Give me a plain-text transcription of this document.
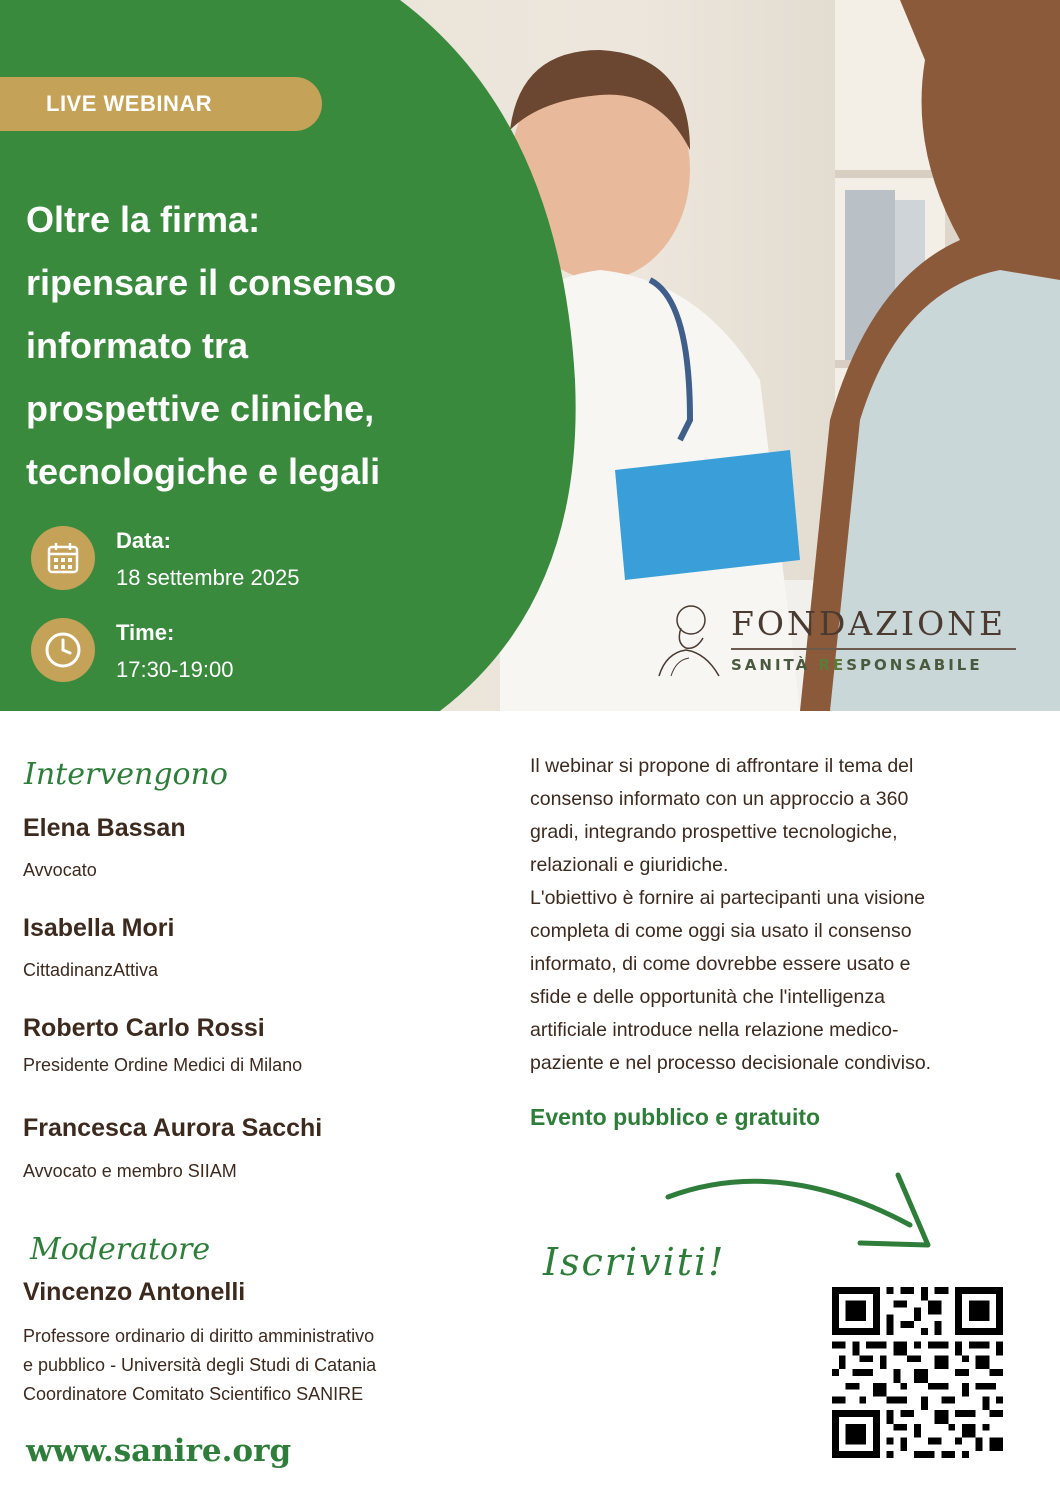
LIVE WEBINAR
Oltre la firma:
ripensare il consenso
informato tra
prospettive cliniche,
tecnologiche e legali
Data:
18 settembre 2025
Time:
17:30-19:00
FONDAZIONE
SANITÀ RESPONSABILE
Intervengono
Elena Bassan
Avvocato
Isabella Mori
CittadinanzAttiva
Roberto Carlo Rossi
Presidente Ordine Medici di Milano
Francesca Aurora Sacchi
Avvocato e membro SIIAM
Moderatore
Vincenzo Antonelli
Professore ordinario di diritto amministrativo
e pubblico - Università degli Studi di Catania
Coordinatore Comitato Scientifico SANIRE
www.sanire.org
Il webinar si propone di affrontare il tema del
consenso informato con un approccio a 360
gradi, integrando prospettive tecnologiche,
relazionali e giuridiche.
L'obiettivo è fornire ai partecipanti una visione
completa di come oggi sia usato il consenso
informato, di come dovrebbe essere usato e
sfide e delle opportunità che l'intelligenza
artificiale introduce nella relazione medico-
paziente e nel processo decisionale condiviso.
Evento pubblico e gratuito
Iscriviti!
